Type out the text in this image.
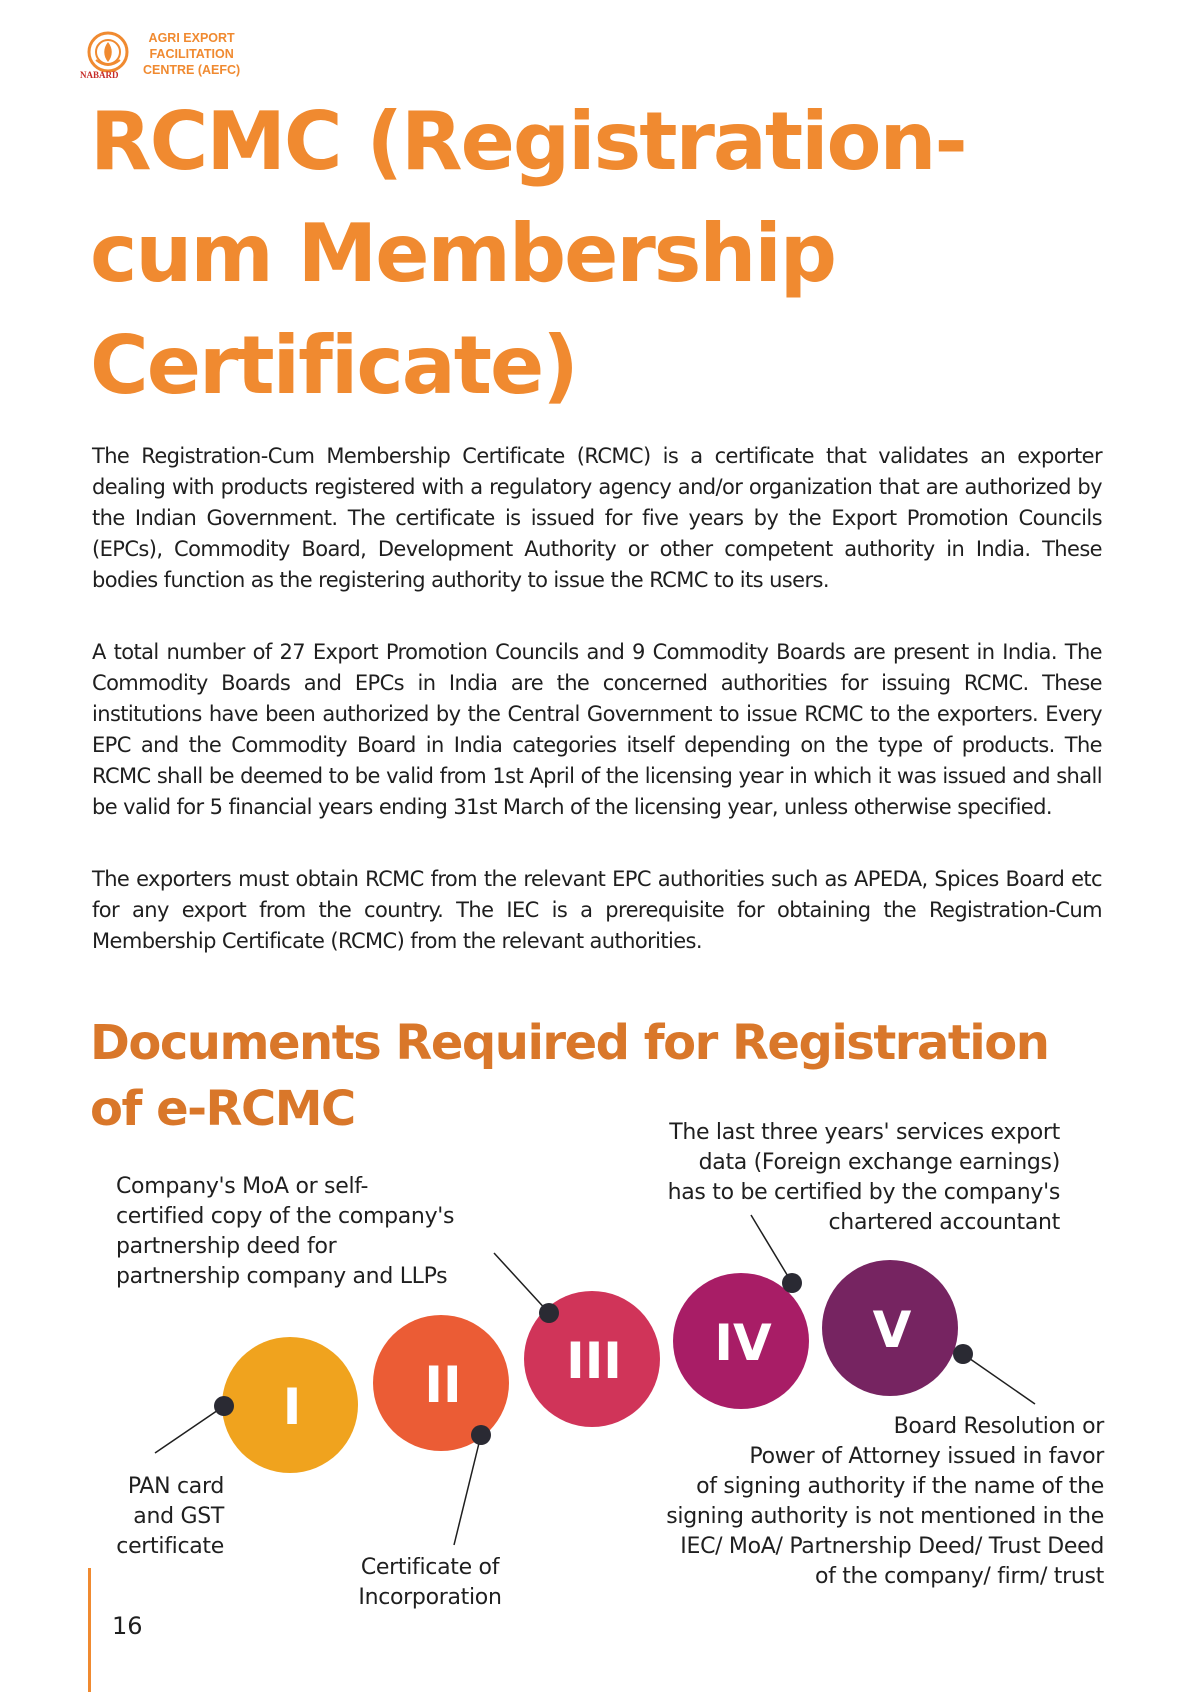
AGRI EXPORT
FACILITATION
CENTRE (AEFC)
NABARD
RCMC (Registration-
cum Membership
Certificate)

The Registration-Cum Membership Certificate (RCMC) is a certificate that validates an exporter dealing with products registered with a regulatory agency and/or organization that are authorized by the Indian Government. The certificate is issued for five years by the Export Promotion Councils (EPCs), Commodity Board, Development Authority or other competent authority in India. These bodies function as the registering authority to issue the RCMC to its users.

A total number of 27 Export Promotion Councils and 9 Commodity Boards are present in India. The Commodity Boards and EPCs in India are the concerned authorities for issuing RCMC. These institutions have been authorized by the Central Government to issue RCMC to the exporters. Every EPC and the Commodity Board in India categories itself depending on the type of products. The RCMC shall be deemed to be valid from 1st April of the licensing year in which it was issued and shall be valid for 5 financial years ending 31st March of the licensing year, unless otherwise specified.

The exporters must obtain RCMC from the relevant EPC authorities such as APEDA, Spices Board etc for any export from the country. The IEC is a prerequisite for obtaining the Registration-Cum Membership Certificate (RCMC) from the relevant authorities.

Documents Required for Registration
of e-RCMC
I	II	III	IV	V
PAN card
and GST
certificate
Certificate of
Incorporation
Company's MoA or self-
certified copy of the company's
partnership deed for
partnership company and LLPs
The last three years' services export
data (Foreign exchange earnings)
has to be certified by the company's
chartered accountant
Board Resolution or
Power of Attorney issued in favor
of signing authority if the name of the
signing authority is not mentioned in the
IEC/ MoA/ Partnership Deed/ Trust Deed
of the company/ firm/ trust
16
